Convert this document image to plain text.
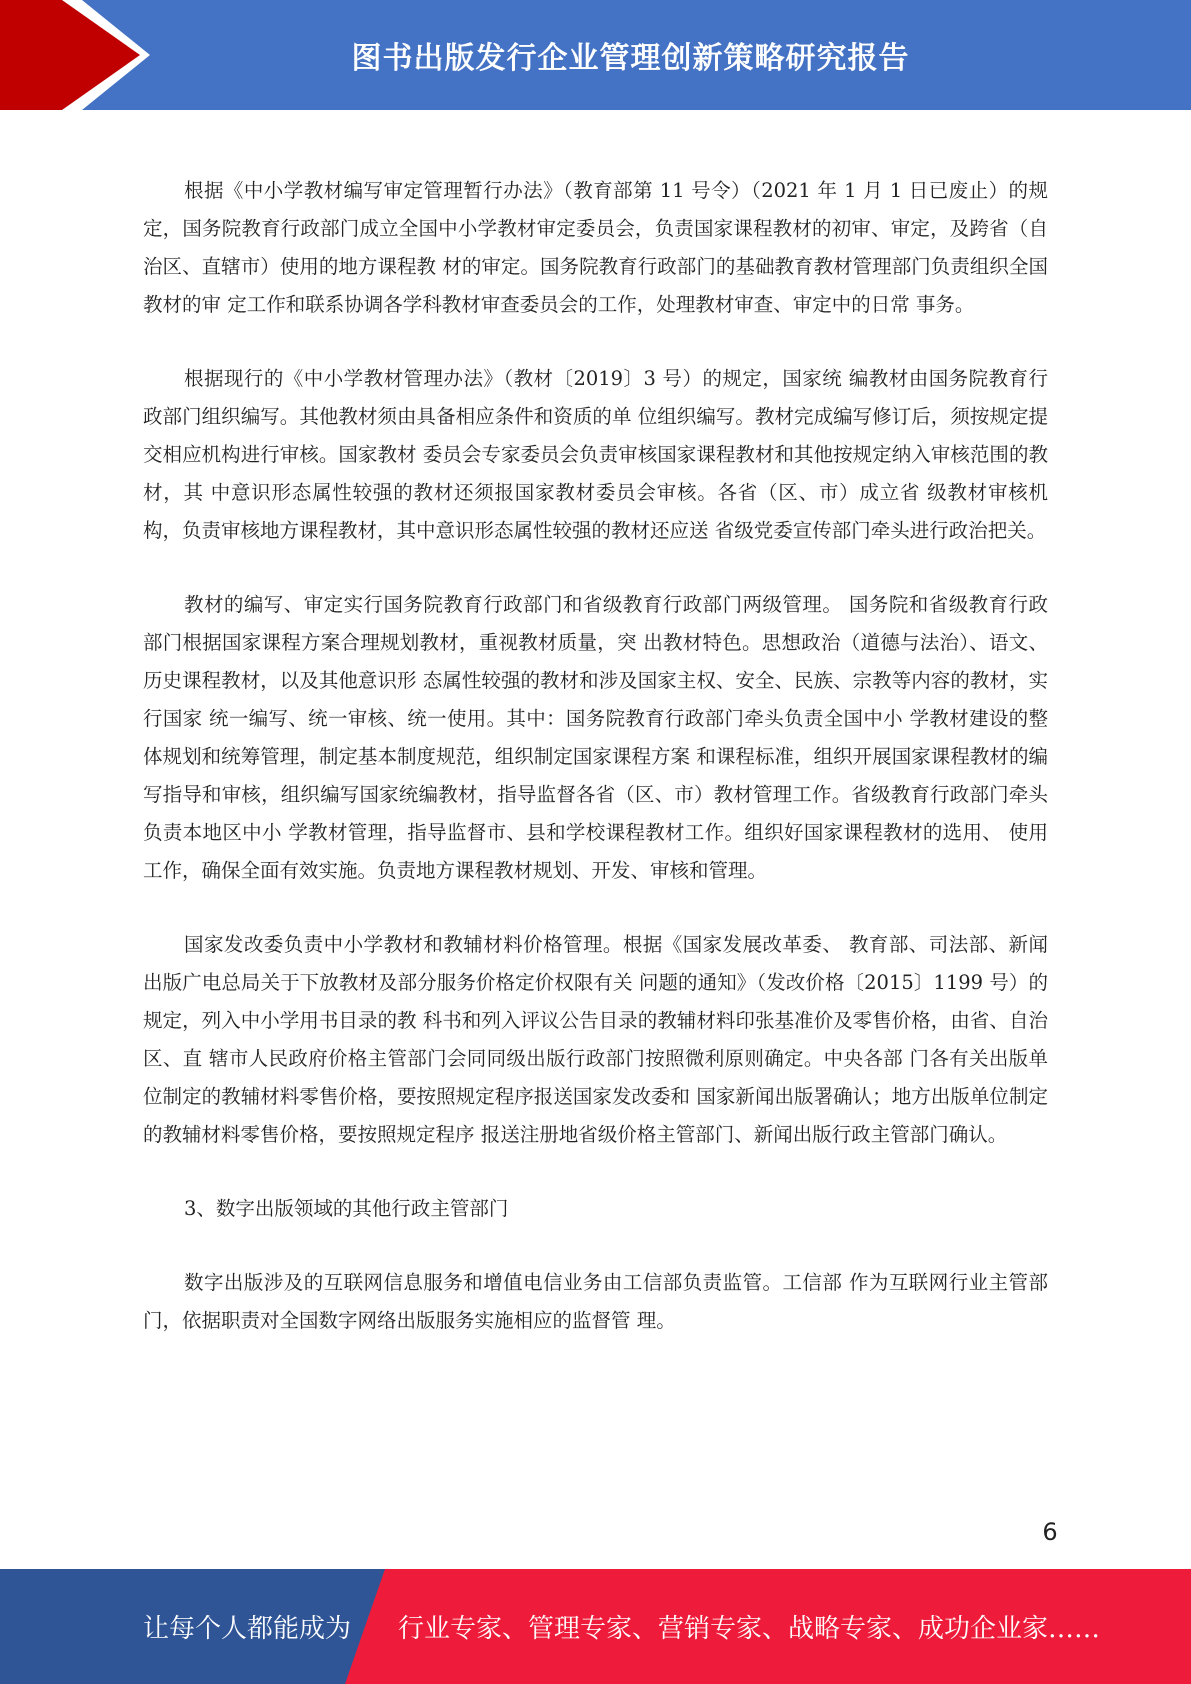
图书出版发行企业管理创新策略研究报告

根据《中小学教材编写审定管理暂行办法》（教育部第 11 号令）（2021 年 1 月 1 日已废止）的规定，国务院教育行政部门成立全国中小学教材审定委员会，负责国家课程教材的初审、审定，及跨省（自治区、直辖市）使用的地方课程教 材的审定。国务院教育行政部门的基础教育教材管理部门负责组织全国教材的审 定工作和联系协调各学科教材审查委员会的工作，处理教材审查、审定中的日常 事务。

根据现行的《中小学教材管理办法》（教材〔2019〕3 号）的规定，国家统 编教材由国务院教育行政部门组织编写。其他教材须由具备相应条件和资质的单 位组织编写。教材完成编写修订后，须按规定提交相应机构进行审核。国家教材 委员会专家委员会负责审核国家课程教材和其他按规定纳入审核范围的教材，其 中意识形态属性较强的教材还须报国家教材委员会审核。各省（区、市）成立省 级教材审核机构，负责审核地方课程教材，其中意识形态属性较强的教材还应送 省级党委宣传部门牵头进行政治把关。

教材的编写、审定实行国务院教育行政部门和省级教育行政部门两级管理。 国务院和省级教育行政部门根据国家课程方案合理规划教材，重视教材质量，突 出教材特色。思想政治（道德与法治）、语文、历史课程教材，以及其他意识形 态属性较强的教材和涉及国家主权、安全、民族、宗教等内容的教材，实行国家 统一编写、统一审核、统一使用。其中：国务院教育行政部门牵头负责全国中小 学教材建设的整体规划和统筹管理，制定基本制度规范，组织制定国家课程方案 和课程标准，组织开展国家课程教材的编写指导和审核，组织编写国家统编教材，指导监督各省（区、市）教材管理工作。省级教育行政部门牵头负责本地区中小 学教材管理，指导监督市、县和学校课程教材工作。组织好国家课程教材的选用、 使用工作，确保全面有效实施。负责地方课程教材规划、开发、审核和管理。

国家发改委负责中小学教材和教辅材料价格管理。根据《国家发展改革委、 教育部、司法部、新闻出版广电总局关于下放教材及部分服务价格定价权限有关 问题的通知》（发改价格〔2015〕1199 号）的规定，列入中小学用书目录的教 科书和列入评议公告目录的教辅材料印张基准价及零售价格，由省、自治区、直 辖市人民政府价格主管部门会同同级出版行政部门按照微利原则确定。中央各部 门各有关出版单位制定的教辅材料零售价格，要按照规定程序报送国家发改委和 国家新闻出版署确认；地方出版单位制定的教辅材料零售价格，要按照规定程序 报送注册地省级价格主管部门、新闻出版行政主管部门确认。

3、数字出版领域的其他行政主管部门

数字出版涉及的互联网信息服务和增值电信业务由工信部负责监管。工信部 作为互联网行业主管部门，依据职责对全国数字网络出版服务实施相应的监督管 理。

6
让每个人都能成为 行业专家、管理专家、营销专家、战略专家、成功企业家……
